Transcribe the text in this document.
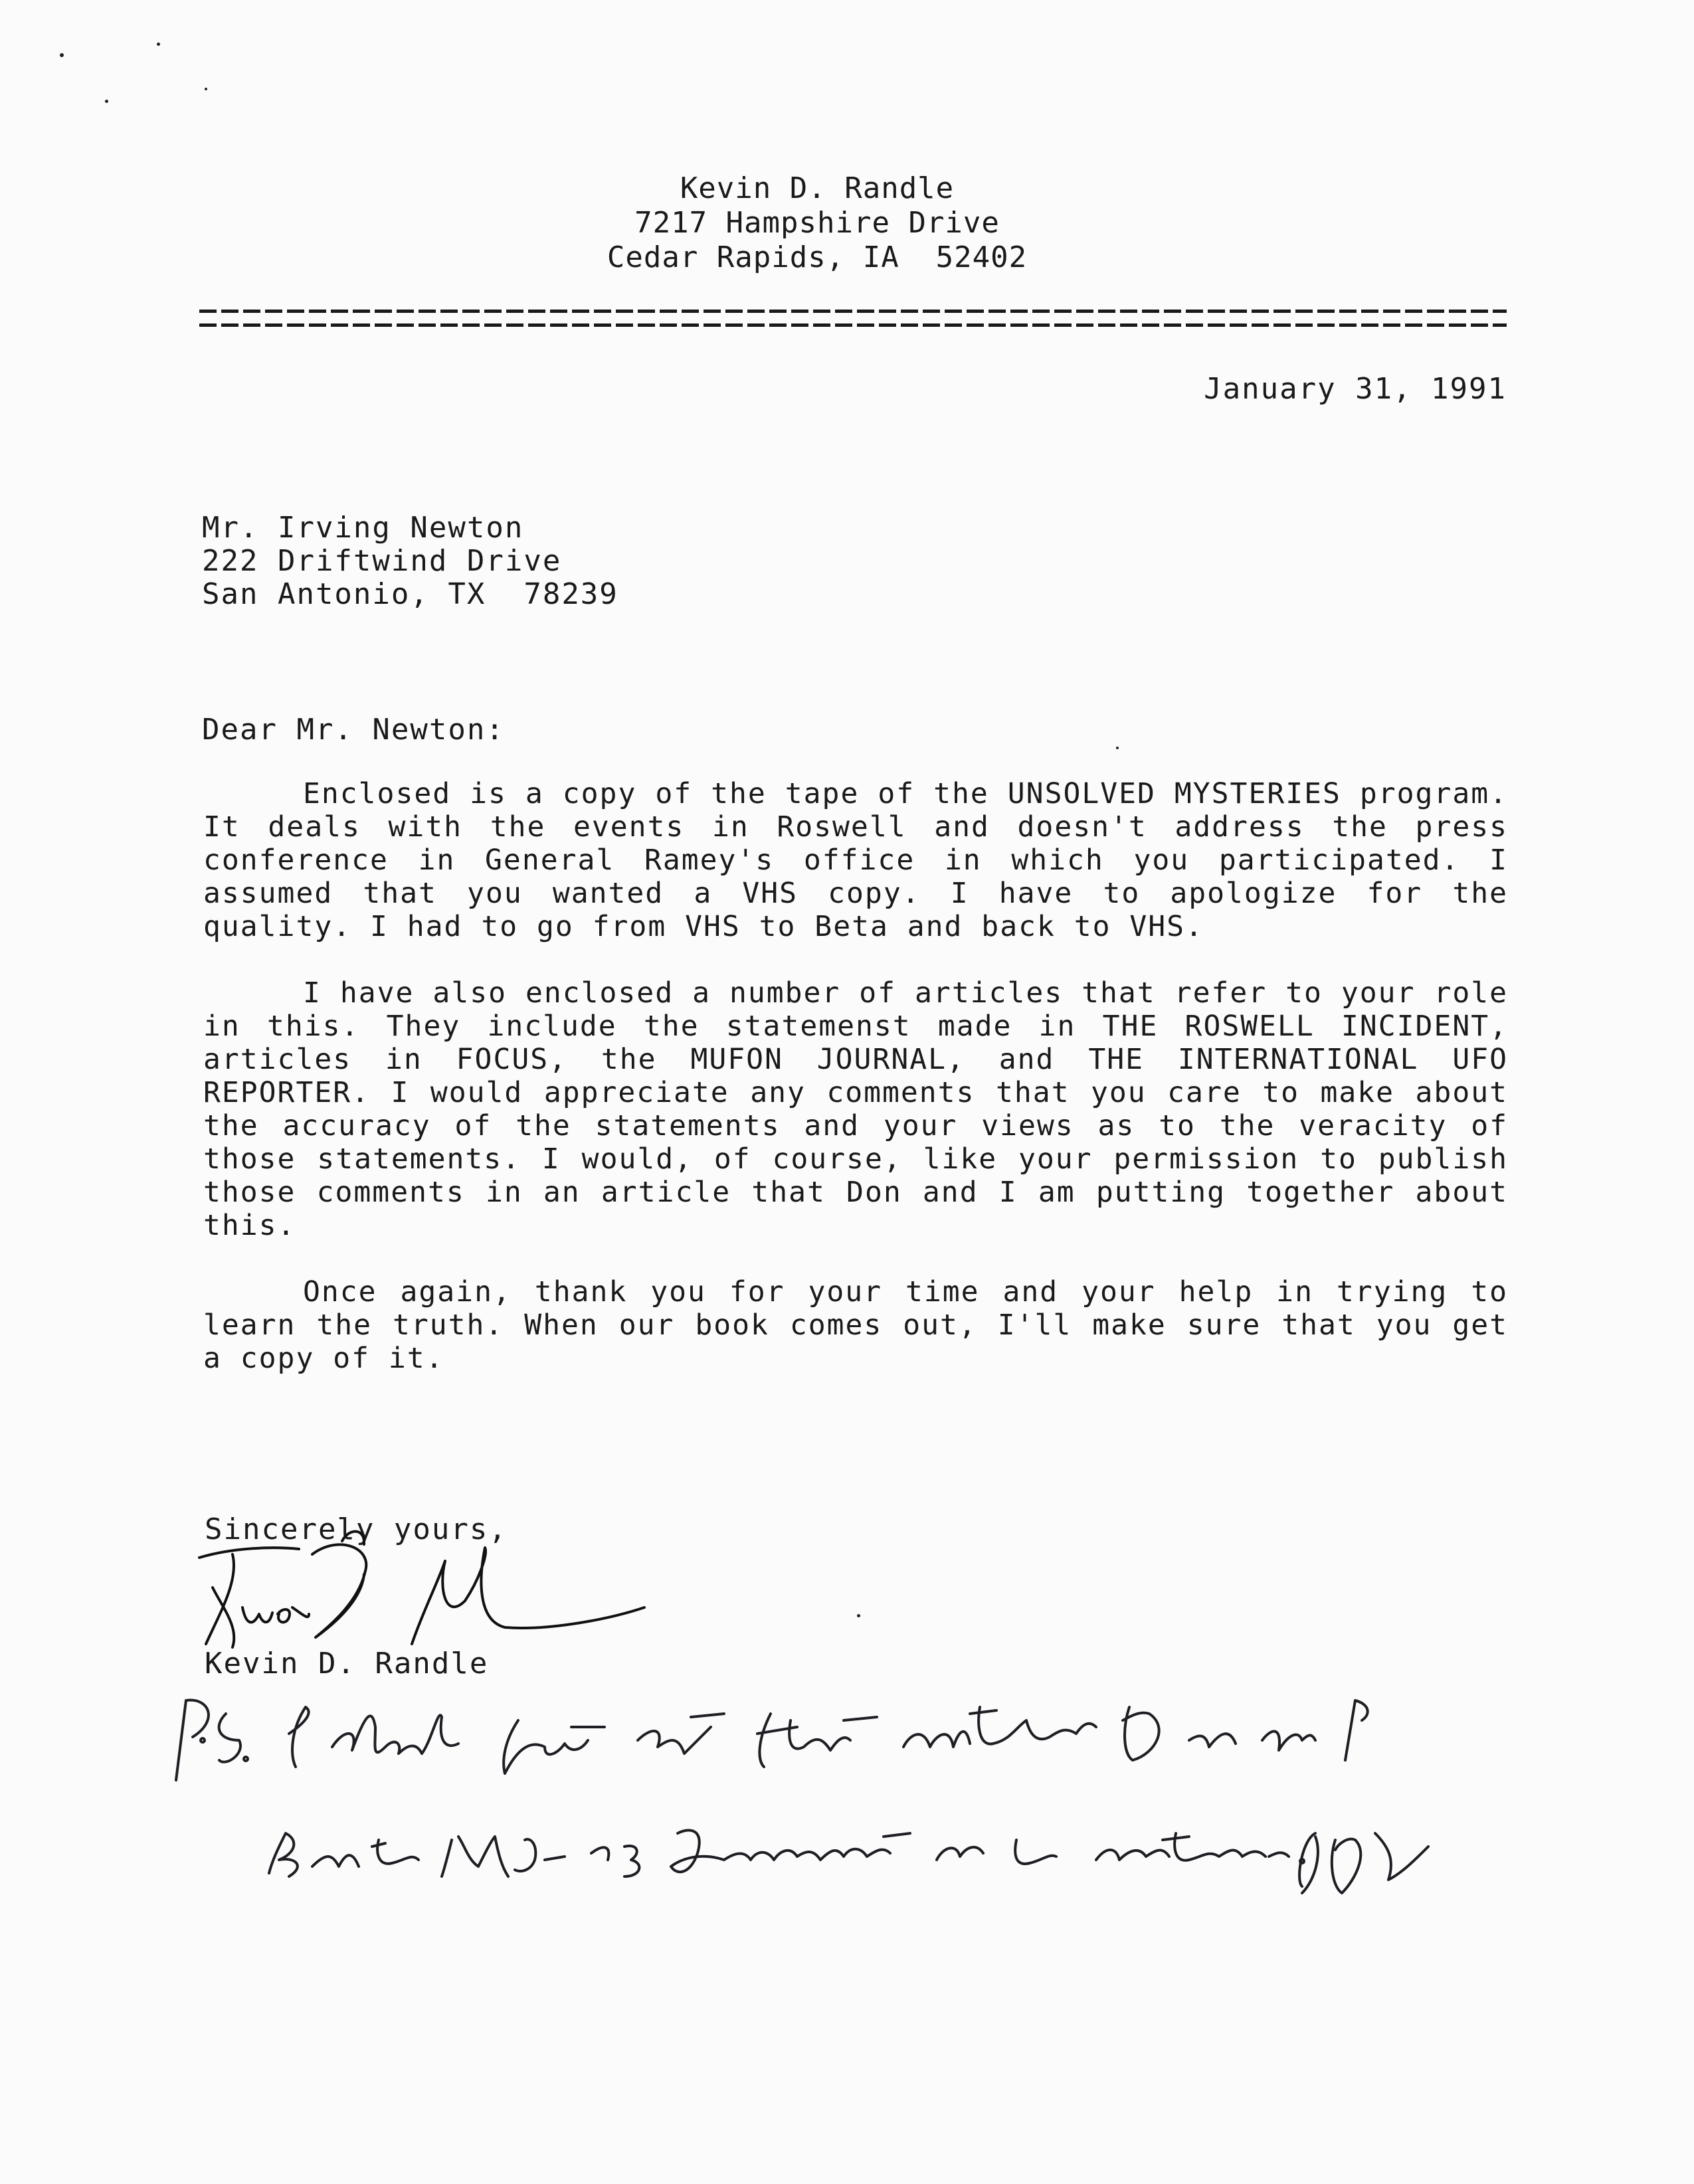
Kevin D. Randle
7217 Hampshire Drive
Cedar Rapids, IA  52402
January 31, 1991
Mr. Irving Newton
222 Driftwind Drive
San Antonio, TX  78239
Dear Mr. Newton:

Enclosed is a copy of the tape of the UNSOLVED MYSTERIES program. It deals with the events in Roswell and doesn't address the press conference in General Ramey's office in which you participated. I assumed that you wanted a VHS copy. I have to apologize for the quality. I had to go from VHS to Beta and back to VHS.

I have also enclosed a number of articles that refer to your role in this. They include the statemenst made in THE ROSWELL INCIDENT, articles in FOCUS, the MUFON JOURNAL, and THE INTERNATIONAL UFO REPORTER. I would appreciate any comments that you care to make about the accuracy of the statements and your views as to the veracity of those statements. I would, of course, like your permission to publish those comments in an article that Don and I am putting together about this.

Once again, thank you for your time and your help in trying to learn the truth. When our book comes out, I'll make sure that you get a copy of it.

Sincerely yours,
Kevin D. Randle
